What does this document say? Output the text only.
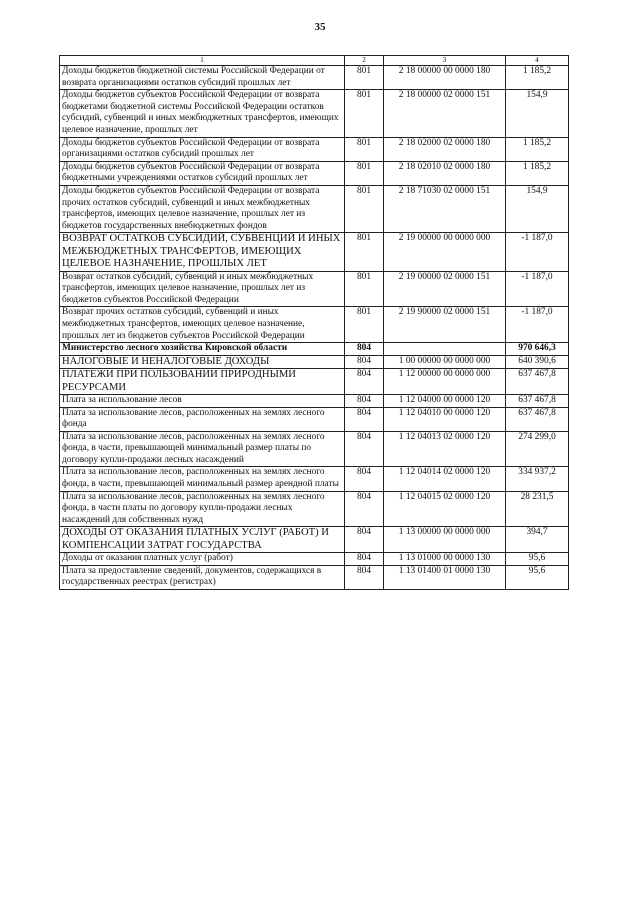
35
1	2	3	4
Доходы бюджетов бюджетной системы Российской Федерации от возврата организациями остатков субсидий прошлых лет	801	2 18 00000 00 0000 180	1 185,2
Доходы бюджетов субъектов Российской Федерации от возврата бюджетами бюджетной системы Российской Федерации остатков субсидий, субвенций и иных межбюджетных трансфертов, имеющих целевое назначение, прошлых лет	801	2 18 00000 02 0000 151	154,9
Доходы бюджетов субъектов Российской Федерации от возврата организациями остатков субсидий прошлых лет	801	2 18 02000 02 0000 180	1 185,2
Доходы бюджетов субъектов Российской Федерации от возврата бюджетными учреждениями остатков субсидий прошлых лет	801	2 18 02010 02 0000 180	1 185,2
Доходы бюджетов субъектов Российской Федерации от возврата прочих остатков субсидий, субвенций и иных межбюджетных трансфертов, имеющих целевое назначение, прошлых лет из бюджетов государственных внебюджетных фондов	801	2 18 71030 02 0000 151	154,9
ВОЗВРАТ ОСТАТКОВ СУБСИДИЙ, СУБВЕНЦИЙ И ИНЫХ МЕЖБЮДЖЕТНЫХ ТРАНСФЕРТОВ, ИМЕЮЩИХ ЦЕЛЕВОЕ НАЗНАЧЕНИЕ, ПРОШЛЫХ ЛЕТ	801	2 19 00000 00 0000 000	-1 187,0
Возврат остатков субсидий, субвенций и иных межбюджетных трансфертов, имеющих целевое назначение, прошлых лет из бюджетов субъектов Российской Федерации	801	2 19 00000 02 0000 151	-1 187,0
Возврат прочих остатков субсидий, субвенций и иных межбюджетных трансфертов, имеющих целевое назначение, прошлых лет из бюджетов субъектов Российской Федерации	801	2 19 90000 02 0000 151	-1 187,0
Министерство лесного хозяйства Кировской области	804		970 646,3
НАЛОГОВЫЕ И НЕНАЛОГОВЫЕ ДОХОДЫ	804	1 00 00000 00 0000 000	640 390,6
ПЛАТЕЖИ ПРИ ПОЛЬЗОВАНИИ ПРИРОДНЫМИ РЕСУРСАМИ	804	1 12 00000 00 0000 000	637 467,8
Плата за использование лесов	804	1 12 04000 00 0000 120	637 467,8
Плата за использование лесов, расположенных на землях лесного фонда	804	1 12 04010 00 0000 120	637 467,8
Плата за использование лесов, расположенных на землях лесного фонда, в части, превышающей минимальный размер платы по договору купли-продажи лесных насаждений	804	1 12 04013 02 0000 120	274 299,0
Плата за использование лесов, расположенных на землях лесного фонда, в части, превышающей минимальный размер арендной платы	804	1 12 04014 02 0000 120	334 937,2
Плата за использование лесов, расположенных на землях лесного фонда, в части платы по договору купли-продажи лесных насаждений для собственных нужд	804	1 12 04015 02 0000 120	28 231,5
ДОХОДЫ ОТ ОКАЗАНИЯ ПЛАТНЫХ УСЛУГ (РАБОТ) И КОМПЕНСАЦИИ ЗАТРАТ ГОСУДАРСТВА	804	1 13 00000 00 0000 000	394,7
Доходы от оказания платных услуг (работ)	804	1 13 01000 00 0000 130	95,6
Плата за предоставление сведений, документов, содержащихся в государственных реестрах (регистрах)	804	1 13 01400 01 0000 130	95,6
